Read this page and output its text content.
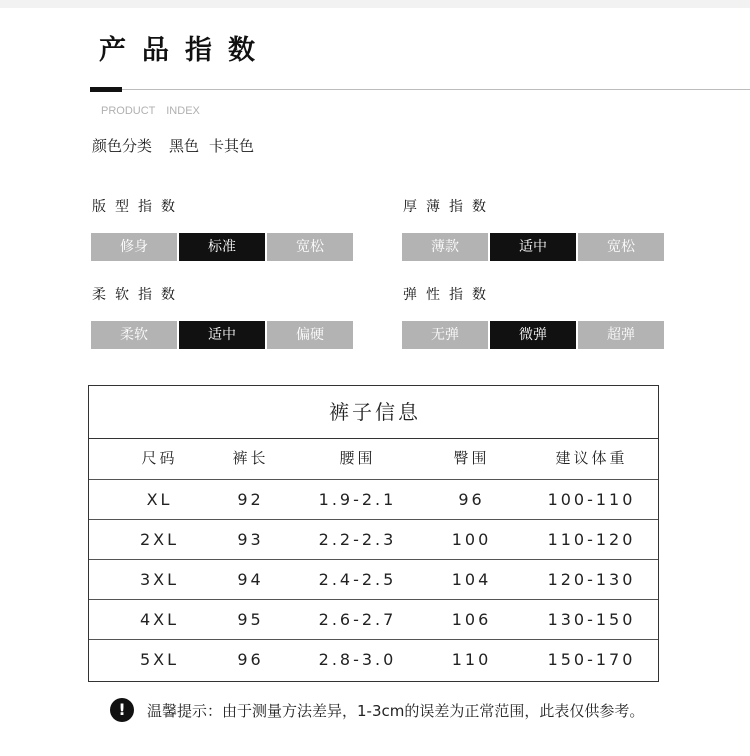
产品指数
PRODUCT INDEX
颜色分类 黑色 卡其色
版型指数
修身	标准	宽松
厚薄指数
薄款	适中	宽松
柔软指数
柔软	适中	偏硬
弹性指数
无弹	微弹	超弹
裤子信息
尺码	裤长	腰围	臀围	建议体重
XL	92	1.9-2.1	96	100-110
2XL	93	2.2-2.3	100	110-120
3XL	94	2.4-2.5	104	120-130
4XL	95	2.6-2.7	106	130-150
5XL	96	2.8-3.0	110	150-170
!
温馨提示：由于测量方法差异，1-3cm的误差为正常范围，此表仅供参考。
